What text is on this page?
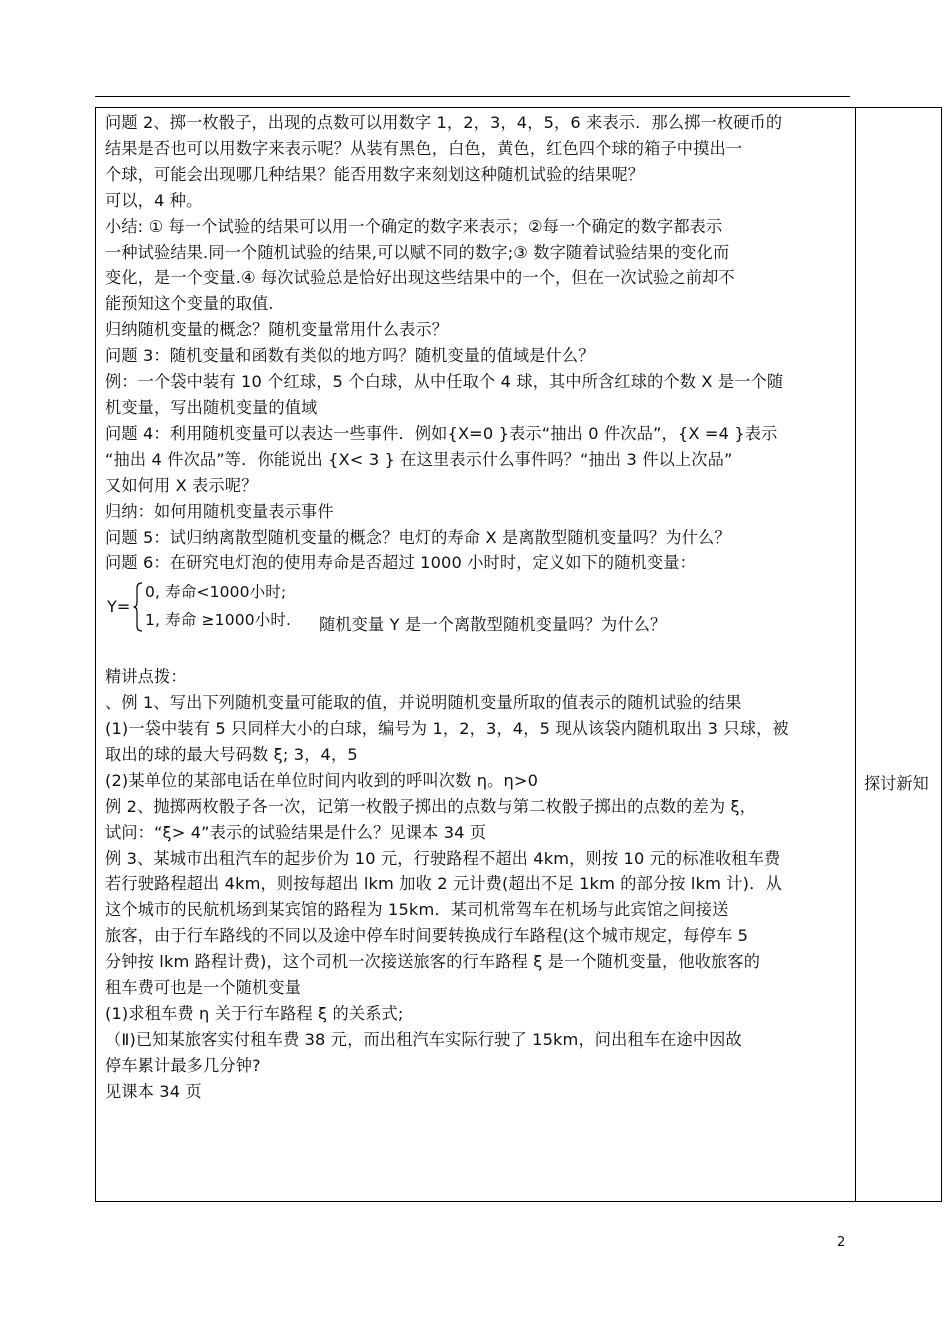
问题 2、掷一枚骰子，出现的点数可以用数字 1，2，3，4，5，6 来表示．那么掷一枚硬币的

结果是否也可以用数字来表示呢？从装有黑色，白色，黄色，红色四个球的箱子中摸出一

个球，可能会出现哪几种结果？能否用数字来刻划这种随机试验的结果呢？

可以，4 种。

小结: ① 每一个试验的结果可以用一个确定的数字来表示；②每一个确定的数字都表示

一种试验结果.同一个随机试验的结果,可以赋不同的数字;③ 数字随着试验结果的变化而

变化，是一个变量.④ 每次试验总是恰好出现这些结果中的一个，但在一次试验之前却不

能预知这个变量的取值.

归纳随机变量的概念？随机变量常用什么表示？

问题 3：随机变量和函数有类似的地方吗？随机变量的值域是什么？

例：一个袋中装有 10 个红球，5 个白球，从中任取个 4 球，其中所含红球的个数 X 是一个随

机变量，写出随机变量的值域

问题 4：利用随机变量可以表达一些事件．例如{X=0 }表示“抽出 0 件次品”，{X =4 }表示

“抽出 4 件次品”等．你能说出 {X< 3 } 在这里表示什么事件吗？“抽出 3 件以上次品”

又如何用 X 表示呢？

归纳：如何用随机变量表示事件

问题 5：试归纳离散型随机变量的概念？电灯的寿命 X 是离散型随机变量吗？为什么？

问题 6：在研究电灯泡的使用寿命是否超过 1000 小时时，定义如下的随机变量：

Y=
0, 寿命<1000小时;
1, 寿命 ≥1000小时. 随机变量 Y 是一个离散型随机变量吗？为什么？

精讲点拨：

、例 1、写出下列随机变量可能取的值，并说明随机变量所取的值表示的随机试验的结果

(1)一袋中装有 5 只同样大小的白球，编号为 1，2，3，4，5 现从该袋内随机取出 3 只球，被

取出的球的最大号码数 ξ; 3，4，5

(2)某单位的某部电话在单位时间内收到的呼叫次数 η。η>0

例 2、抛掷两枚骰子各一次，记第一枚骰子掷出的点数与第二枚骰子掷出的点数的差为 ξ，

试问：“ξ> 4”表示的试验结果是什么？见课本 34 页

例 3、某城市出租汽车的起步价为 10 元，行驶路程不超出 4km，则按 10 元的标准收租车费

若行驶路程超出 4km，则按每超出 lkm 加收 2 元计费(超出不足 1km 的部分按 lkm 计)．从

这个城市的民航机场到某宾馆的路程为 15km．某司机常驾车在机场与此宾馆之间接送

旅客，由于行车路线的不同以及途中停车时间要转换成行车路程(这个城市规定，每停车 5

分钟按 lkm 路程计费)，这个司机一次接送旅客的行车路程 ξ 是一个随机变量，他收旅客的

租车费可也是一个随机变量

(1)求租车费 η 关于行车路程 ξ 的关系式;

（Ⅱ)已知某旅客实付租车费 38 元，而出租汽车实际行驶了 15km，问出租车在途中因故

停车累计最多几分钟?

见课本 34 页

探讨新知
2
